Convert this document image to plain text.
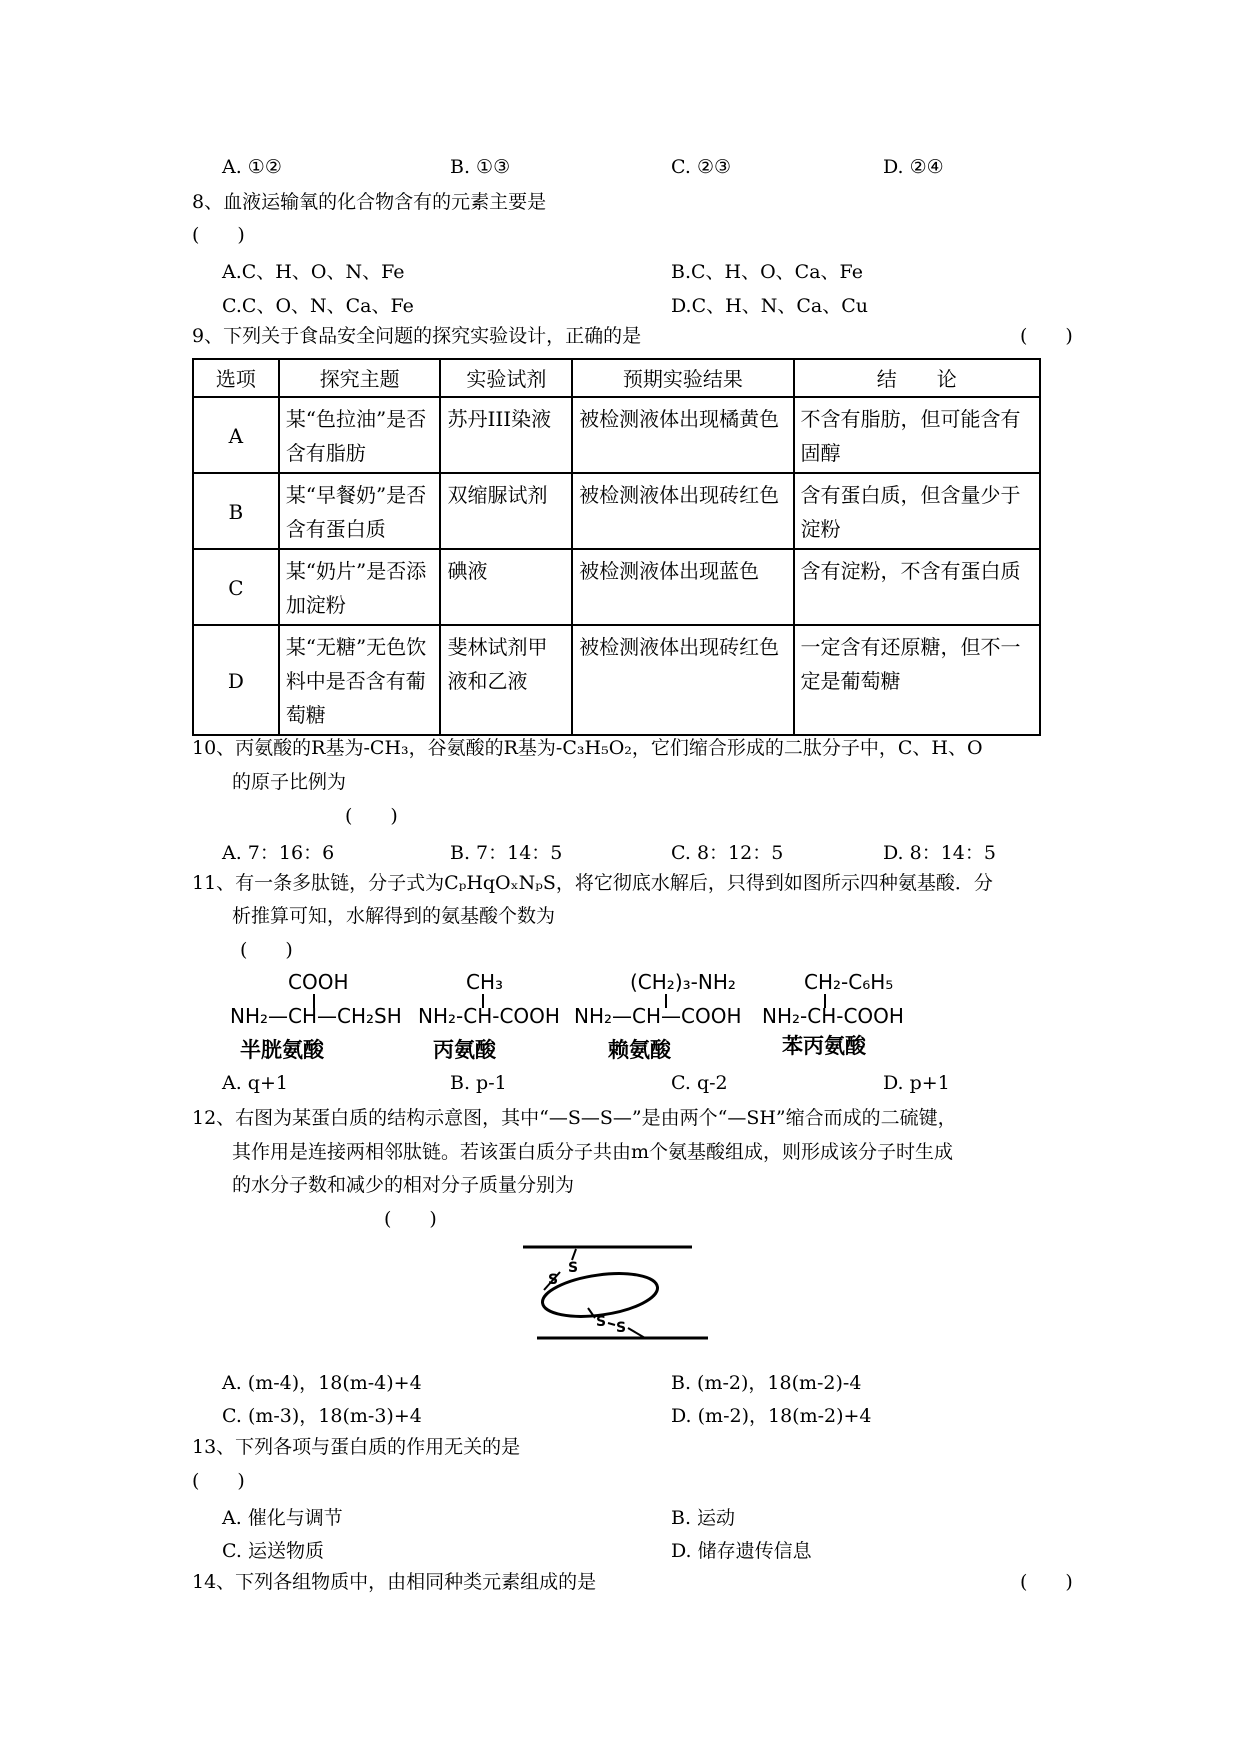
A. ①②	B. ①③	C. ②③	D. ②④
8、血液运输氧的化合物含有的元素主要是
(　　)
A.C、H、O、N、Fe	B.C、H、O、Ca、Fe
C.C、O、N、Ca、Fe	D.C、H、N、Ca、Cu
9、下列关于食品安全问题的探究实验设计，正确的是	(　　)
选项	探究主题	实验试剂	预期实验结果	结　　论
A	某“色拉油”是否含有脂肪	苏丹III染液	被检测液体出现橘黄色	不含有脂肪，但可能含有固醇
B	某“早餐奶”是否含有蛋白质	双缩脲试剂	被检测液体出现砖红色	含有蛋白质，但含量少于淀粉
C	某“奶片”是否添加淀粉	碘液	被检测液体出现蓝色	含有淀粉，不含有蛋白质
D	某“无糖”无色饮料中是否含有葡萄糖	斐林试剂甲液和乙液	被检测液体出现砖红色	一定含有还原糖，但不一定是葡萄糖
10、丙氨酸的R基为-CH₃，谷氨酸的R基为-C₃H₅O₂，它们缩合形成的二肽分子中，C、H、O
的原子比例为
(　　)
A. 7：16：6	B. 7：14：5	C. 8：12：5	D. 8：14：5
11、有一条多肽链，分子式为CₚHqOₓNₚS，将它彻底水解后，只得到如图所示四种氨基酸．分
析推算可知，水解得到的氨基酸个数为
(　　)
COOH
NH₂—CH—CH₂SH
半胱氨酸
CH₃
NH₂-CH-COOH
丙氨酸
(CH₂)₃-NH₂
NH₂—CH—COOH
赖氨酸
CH₂-C₆H₅
NH₂-CH-COOH
苯丙氨酸
A. q+1	B. p-1	C. q-2	D. p+1
12、右图为某蛋白质的结构示意图，其中“—S—S—”是由两个“—SH”缩合而成的二硫键，
其作用是连接两相邻肽链。若该蛋白质分子共由m个氨基酸组成，则形成该分子时生成
的水分子数和减少的相对分子质量分别为
(　　)
S
S
S S
A. (m-4)，18(m-4)+4	B. (m-2)，18(m-2)-4
C. (m-3)，18(m-3)+4	D. (m-2)，18(m-2)+4
13、下列各项与蛋白质的作用无关的是
(　　)
A. 催化与调节	B. 运动
C. 运送物质	D. 储存遗传信息
14、下列各组物质中，由相同种类元素组成的是	(　　)
